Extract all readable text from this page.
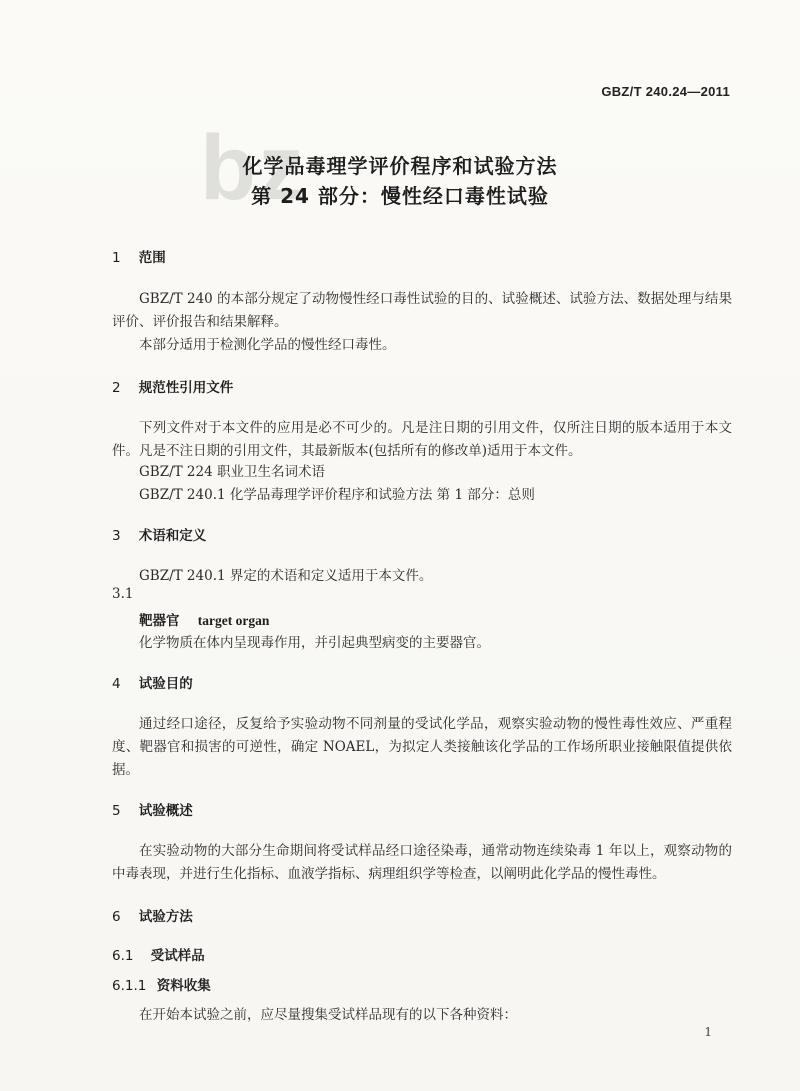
GBZ/T 240.24—2011
bz
化学品毒理学评价程序和试验方法
第 24 部分：慢性经口毒性试验
1 范围
GBZ/T 240 的本部分规定了动物慢性经口毒性试验的目的、试验概述、试验方法、数据处理与结果评价、评价报告和结果解释。
本部分适用于检测化学品的慢性经口毒性。
2 规范性引用文件
下列文件对于本文件的应用是必不可少的。凡是注日期的引用文件，仅所注日期的版本适用于本文件。凡是不注日期的引用文件，其最新版本(包括所有的修改单)适用于本文件。
GBZ/T 224 职业卫生名词术语
GBZ/T 240.1 化学品毒理学评价程序和试验方法 第 1 部分：总则
3 术语和定义
GBZ/T 240.1 界定的术语和定义适用于本文件。
3.1
靶器官 target organ
化学物质在体内呈现毒作用，并引起典型病变的主要器官。
4 试验目的
通过经口途径，反复给予实验动物不同剂量的受试化学品，观察实验动物的慢性毒性效应、严重程度、靶器官和损害的可逆性，确定 NOAEL，为拟定人类接触该化学品的工作场所职业接触限值提供依据。
5 试验概述
在实验动物的大部分生命期间将受试样品经口途径染毒，通常动物连续染毒 1 年以上，观察动物的中毒表现，并进行生化指标、血液学指标、病理组织学等检查，以阐明此化学品的慢性毒性。
6 试验方法
6.1 受试样品
6.1.1 资料收集
在开始本试验之前，应尽量搜集受试样品现有的以下各种资料：
1
